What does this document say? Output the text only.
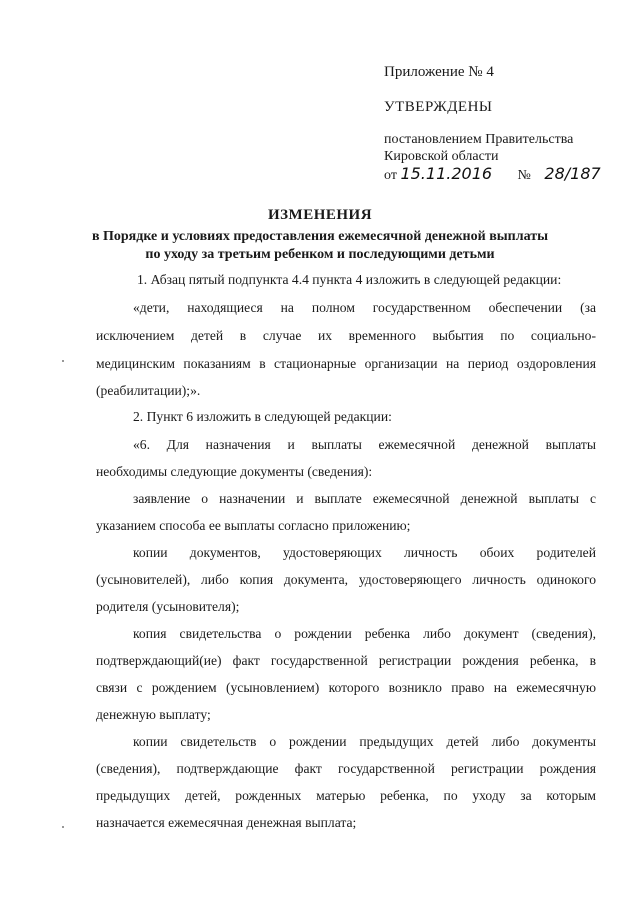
Приложение № 4
УТВЕРЖДЕНЫ
постановлением Правительства
Кировской области
от 15.11.2016 № 28/187
ИЗМЕНЕНИЯ
в Порядке и условиях предоставления ежемесячной денежной выплаты
по уходу за третьим ребенком и последующими детьми
1. Абзац пятый подпункта 4.4 пункта 4 изложить в следующей редакции:
«дети, находящиеся на полном государственном обеспечении (за
исключением детей в случае их временного выбытия по социально-
медицинским показаниям в стационарные организации на период оздоровления
(реабилитации);».
2. Пункт 6 изложить в следующей редакции:
«6. Для назначения и выплаты ежемесячной денежной выплаты
необходимы следующие документы (сведения):
заявление о назначении и выплате ежемесячной денежной выплаты с
указанием способа ее выплаты согласно приложению;
копии документов, удостоверяющих личность обоих родителей
(усыновителей), либо копия документа, удостоверяющего личность одинокого
родителя (усыновителя);
копия свидетельства о рождении ребенка либо документ (сведения),
подтверждающий(ие) факт государственной регистрации рождения ребенка, в
связи с рождением (усыновлением) которого возникло право на ежемесячную
денежную выплату;
копии свидетельств о рождении предыдущих детей либо документы
(сведения), подтверждающие факт государственной регистрации рождения
предыдущих детей, рожденных матерью ребенка, по уходу за которым
назначается ежемесячная денежная выплата;
